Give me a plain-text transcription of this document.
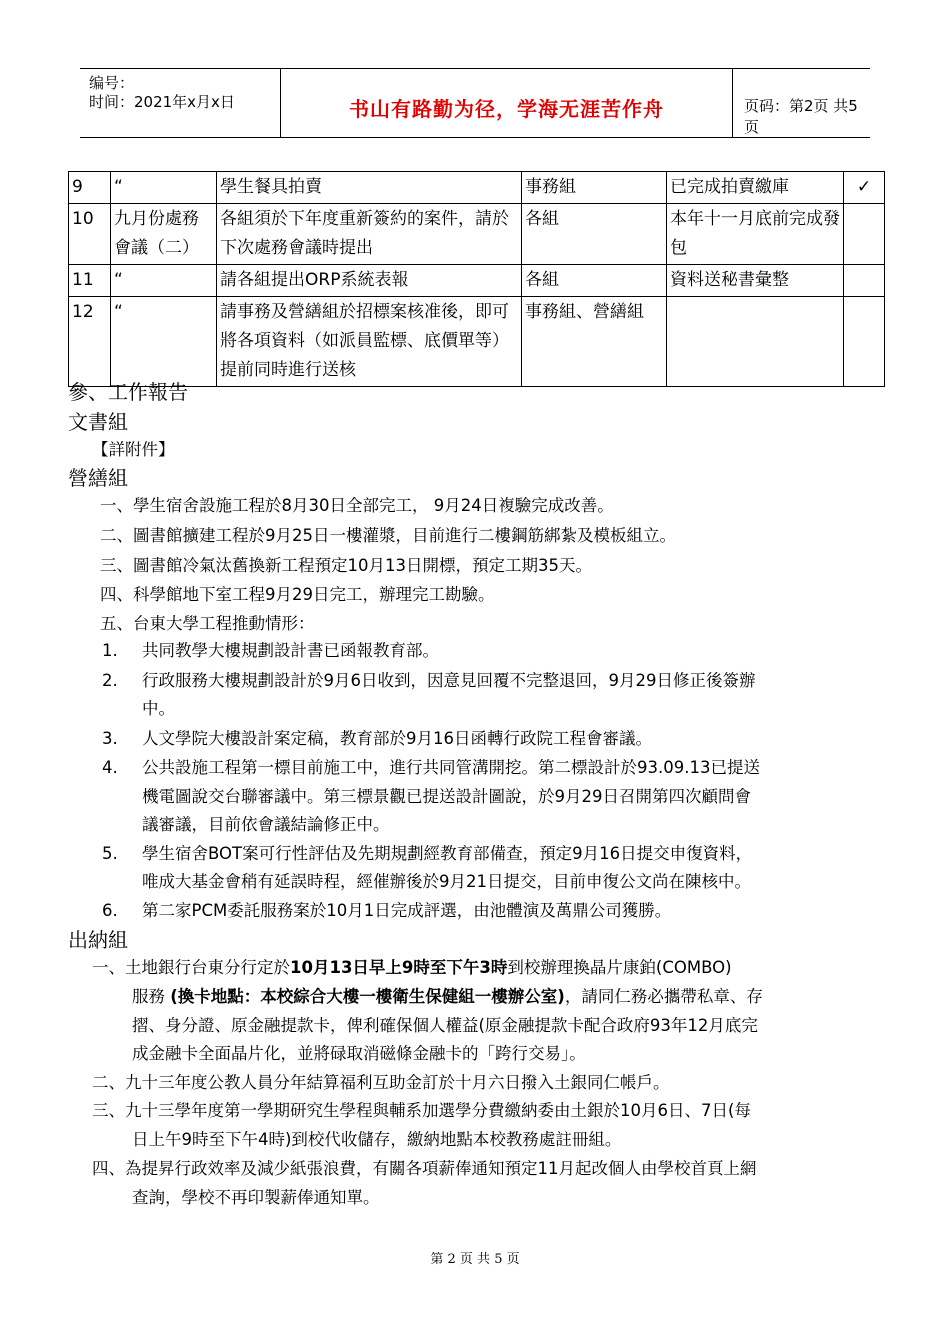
编号：
时间：2021年x月x日	书山有路勤为径，学海无涯苦作舟	页码：第2页 共5页
9	“	學生餐具拍賣	事務組	已完成拍賣繳庫	✓
10	九月份處務會議（二）	各組須於下年度重新簽約的案件，請於下次處務會議時提出	各組	本年十一月底前完成發包	
11	“	請各組提出ORP系統表報	各組	資料送秘書彙整	
12	“	請事務及營繕組於招標案核准後，即可將各項資料（如派員監標、底價單等）提前同時進行送核	事務組、營繕組		
參、工作報告
文書組
【詳附件】
營繕組
一、學生宿舍設施工程於8月30日全部完工， 9月24日複驗完成改善。
二、圖書館擴建工程於9月25日一樓灌漿，目前進行二樓鋼筋綁紮及模板組立。
三、圖書館冷氣汰舊換新工程預定10月13日開標，預定工期35天。
四、科學館地下室工程9月29日完工，辦理完工勘驗。
五、台東大學工程推動情形：
1. 共同教學大樓規劃設計書已函報教育部。
2. 行政服務大樓規劃設計於9月6日收到，因意見回覆不完整退回，9月29日修正後簽辦
中。
3. 人文學院大樓設計案定稿，教育部於9月16日函轉行政院工程會審議。
4. 公共設施工程第一標目前施工中，進行共同管溝開挖。第二標設計於93.09.13已提送
機電圖說交台聯審議中。第三標景觀已提送設計圖說，於9月29日召開第四次顧問會
議審議，目前依會議結論修正中。
5. 學生宿舍BOT案可行性評估及先期規劃經教育部備查，預定9月16日提交申復資料，
唯成大基金會稍有延誤時程，經催辦後於9月21日提交，目前申復公文尚在陳核中。
6. 第二家PCM委託服務案於10月1日完成評選，由池體演及萬鼎公司獲勝。
出納組
一、土地銀行台東分行定於10月13日早上9時至下午3時到校辦理換晶片康鉑(COMBO)
服務 (換卡地點：本校綜合大樓一樓衛生保健組一樓辦公室)，請同仁務必攜帶私章、存
摺、身分證、原金融提款卡，俾利確保個人權益(原金融提款卡配合政府93年12月底完
成金融卡全面晶片化，並將碌取消磁條金融卡的「跨行交易」。
二、九十三年度公教人員分年結算福利互助金訂於十月六日撥入土銀同仁帳戶。
三、九十三學年度第一學期研究生學程與輔系加選學分費繳納委由土銀於10月6日、7日(每
日上午9時至下午4時)到校代收儲存，繳納地點本校教務處註冊組。
四、為提昇行政效率及減少紙張浪費，有關各項薪俸通知預定11月起改個人由學校首頁上網
查詢，學校不再印製薪俸通知單。
第 2 页 共 5 页
